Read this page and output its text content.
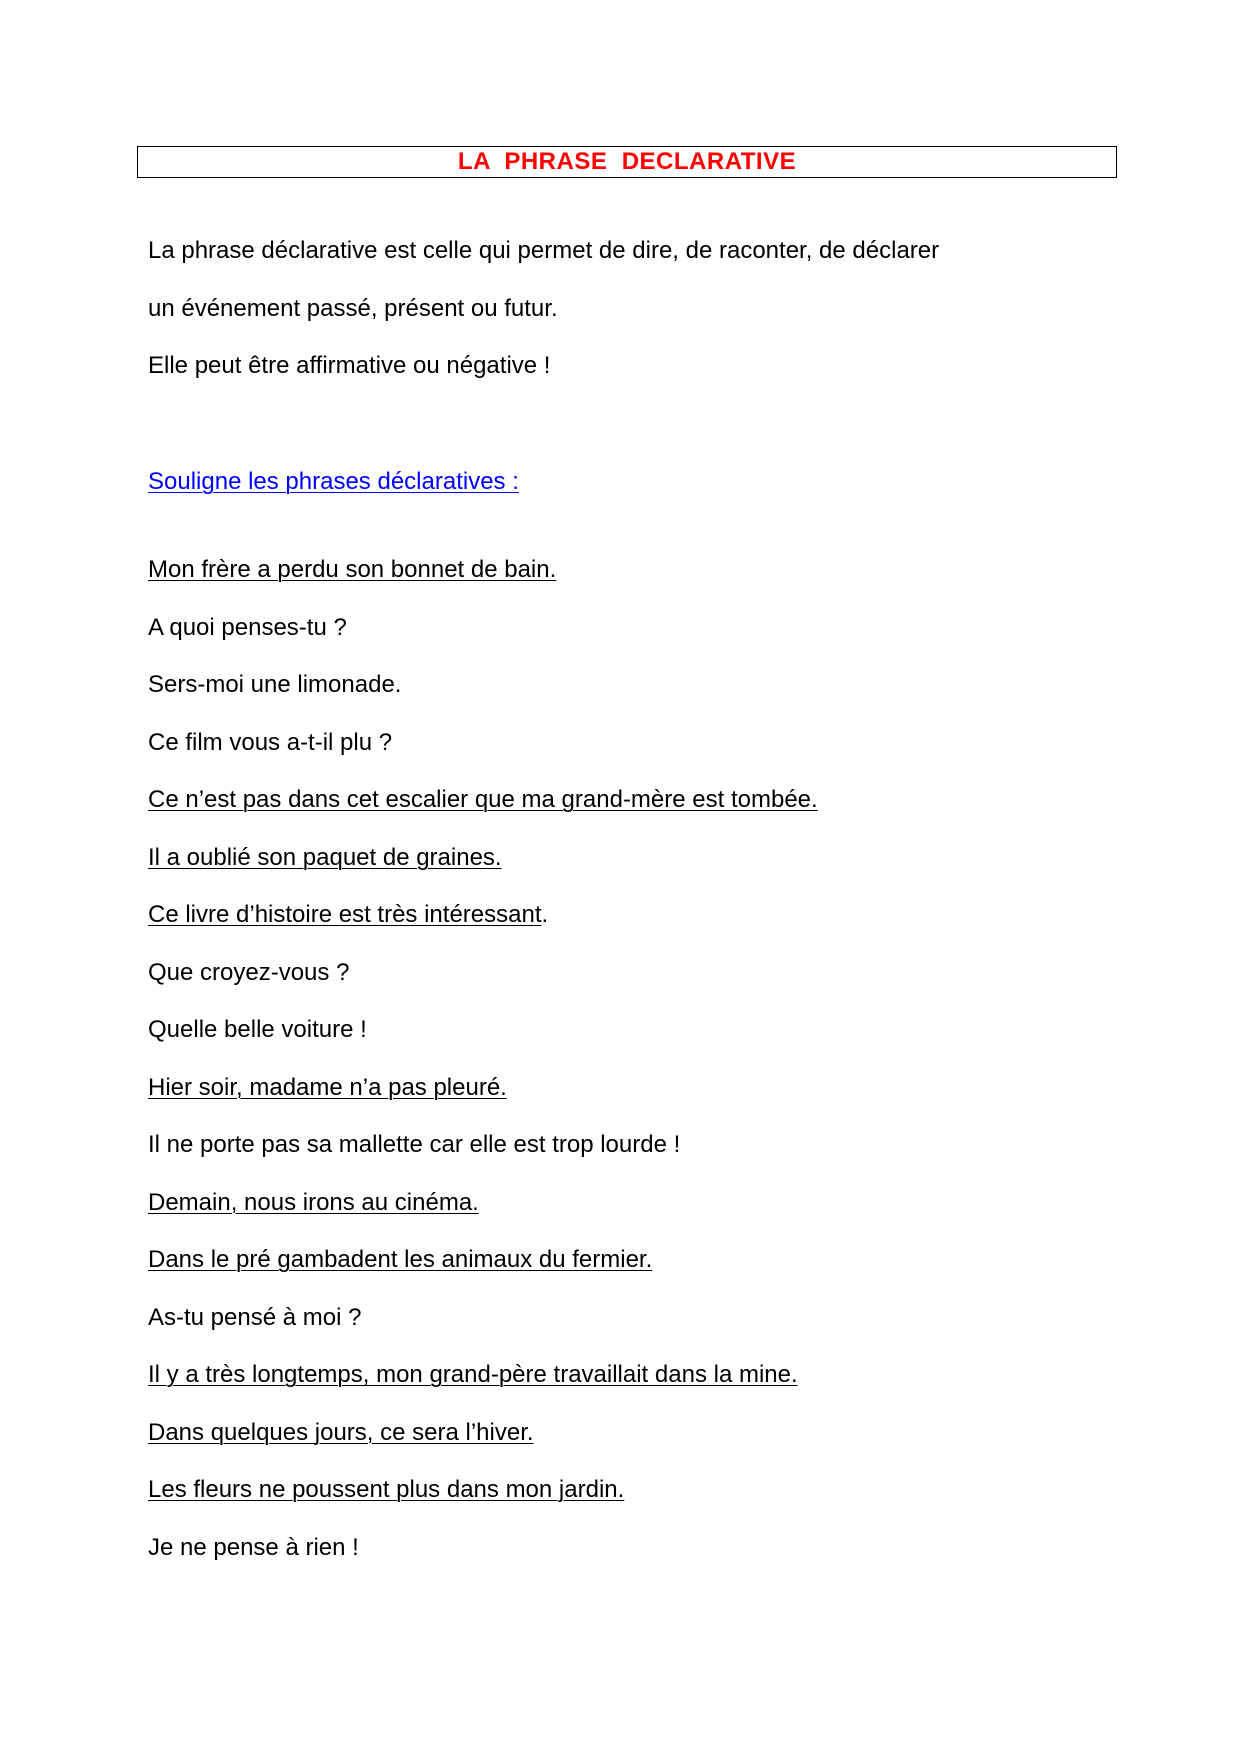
LA  PHRASE  DECLARATIVE

La phrase déclarative est celle qui permet de dire, de raconter, de déclarer

un événement passé, présent ou futur.

Elle peut être affirmative ou négative !

Souligne les phrases déclaratives :
Mon frère a perdu son bonnet de bain.
A quoi penses-tu ?
Sers-moi une limonade.
Ce film vous a-t-il plu ?
Ce n’est pas dans cet escalier que ma grand-mère est tombée.
Il a oublié son paquet de graines.
Ce livre d’histoire est très intéressant.
Que croyez-vous ?
Quelle belle voiture !
Hier soir, madame n’a pas pleuré.
Il ne porte pas sa mallette car elle est trop lourde !
Demain, nous irons au cinéma.
Dans le pré gambadent les animaux du fermier.
As-tu pensé à moi ?
Il y a très longtemps, mon grand-père travaillait dans la mine.
Dans quelques jours, ce sera l’hiver.
Les fleurs ne poussent plus dans mon jardin.
Je ne pense à rien !
